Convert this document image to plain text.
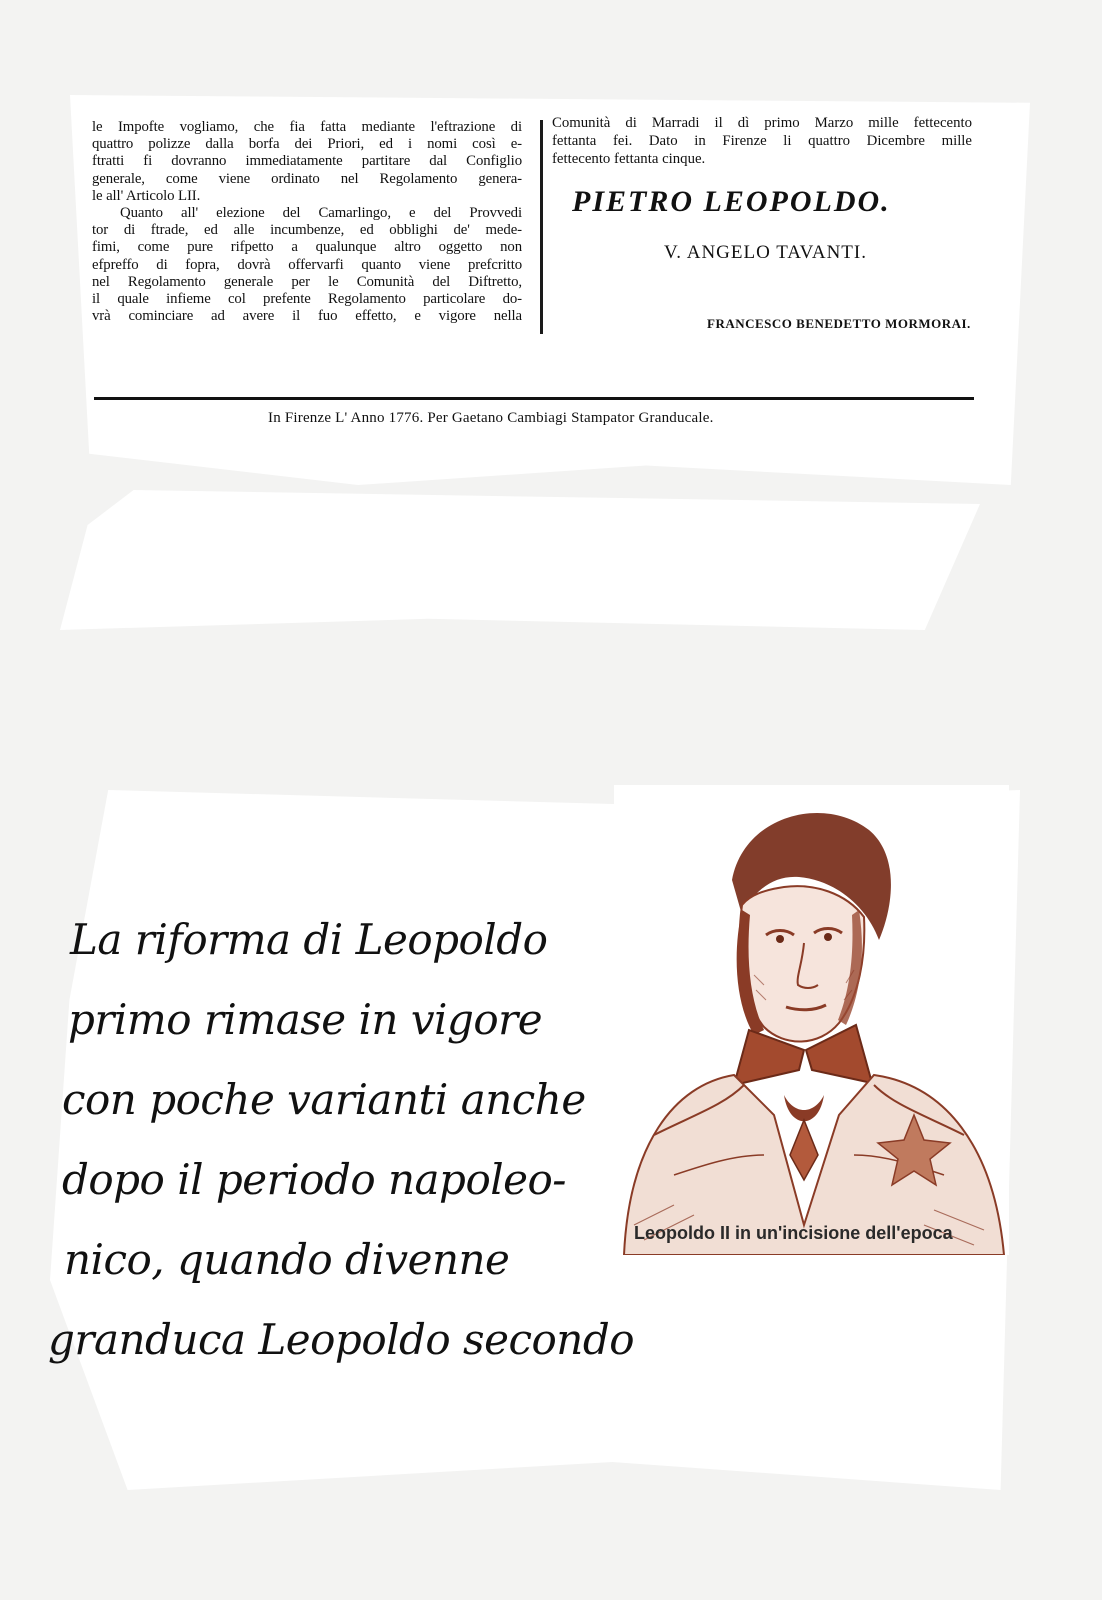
le Impofte vogliamo, che fia fatta mediante l'eftrazione di
quattro polizze dalla borfa dei Priori, ed i nomi così e-
ftratti fi dovranno immediatamente partitare dal Configlio
generale, come viene ordinato nel Regolamento genera-
le all' Articolo LII.
Quanto all' elezione del Camarlingo, e del Provvedi
tor di ftrade, ed alle incumbenze, ed obblighi de' mede-
fimi, come pure rifpetto a qualunque altro oggetto non
efpreffo di fopra, dovrà offervarfi quanto viene prefcritto
nel Regolamento generale per le Comunità del Diftretto,
il quale infieme col prefente Regolamento particolare do-
vrà cominciare ad avere il fuo effetto, e vigore nella
Comunità di Marradi il dì primo Marzo mille fettecento
fettanta fei. Dato in Firenze li quattro Dicembre mille
fettecento fettanta cinque.
PIETRO LEOPOLDO.
V. ANGELO TAVANTI.
FRANCESCO BENEDETTO MORMORAI.
In Firenze L' Anno 1776. Per Gaetano Cambiagi Stampator Granducale.
Leopoldo II in un'incisione dell'epoca
La riforma di Leopoldo
primo rimase in vigore
con poche varianti anche
dopo il periodo napoleo-
nico, quando divenne
granduca Leopoldo secondo
